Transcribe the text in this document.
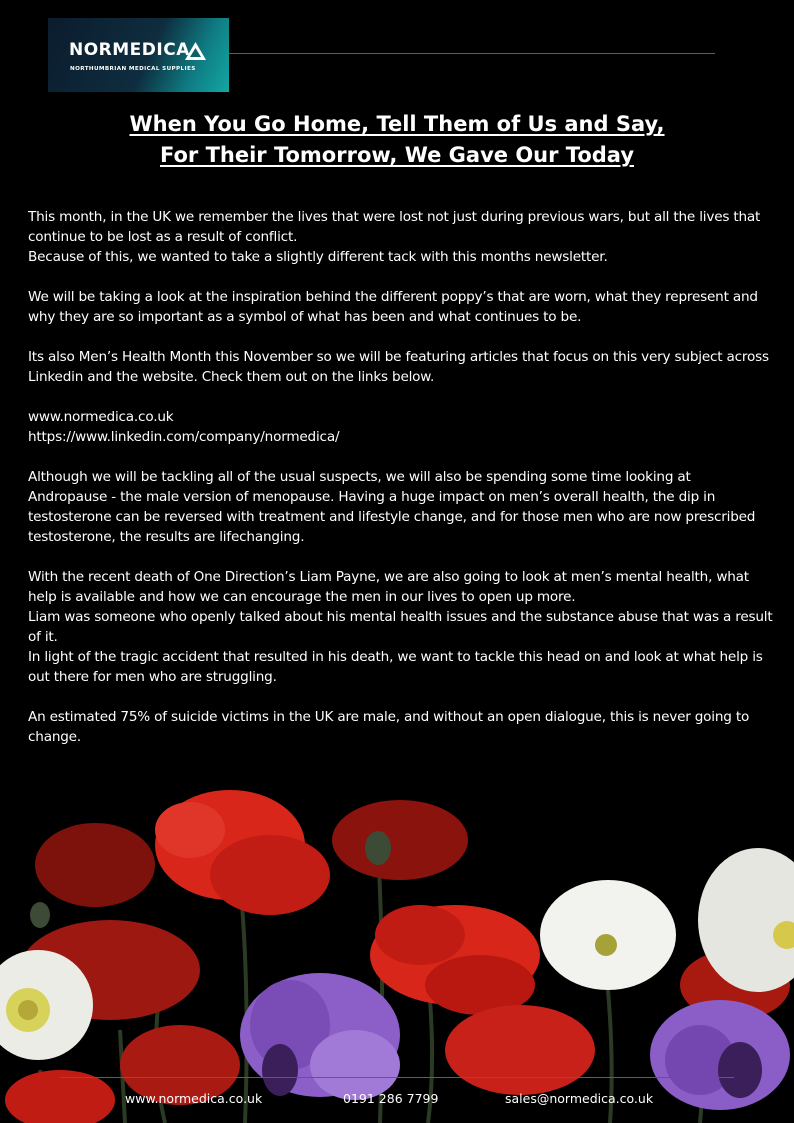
NORMEDICA
NORTHUMBRIAN MEDICAL SUPPLIES
When You Go Home, Tell Them of Us and Say,
For Their Tomorrow, We Gave Our Today

This month, in the UK we remember the lives that were lost not just during previous wars, but all the lives that continue to be lost as a result of conflict.

Because of this, we wanted to take a slightly different tack with this months newsletter.

We will be taking a look at the inspiration behind the different poppy’s that are worn, what they represent and why they are so important as a symbol of what has been and what continues to be.

Its also Men’s Health Month this November so we will be featuring articles that focus on this very subject across Linkedin and the website. Check them out on the links below.

www.normedica.co.uk

https://www.linkedin.com/company/normedica/

Although we will be tackling all of the usual suspects, we will also be spending some time looking at Andropause - the male version of menopause. Having a huge impact on men’s overall health, the dip in testosterone can be reversed with treatment and lifestyle change, and for those men who are now prescribed testosterone, the results are lifechanging.

With the recent death of One Direction’s Liam Payne, we are also going to look at men’s mental health, what help is available and how we can encourage the men in our lives to open up more.

Liam was someone who openly talked about his mental health issues and the substance abuse that was a result of it.

In light of the tragic accident that resulted in his death, we want to tackle this head on and look at what help is out there for men who are struggling.

An estimated 75% of suicide victims in the UK are male, and without an open dialogue, this is never going to change.

www.normedica.co.uk	0191 286 7799	sales@normedica.co.uk
